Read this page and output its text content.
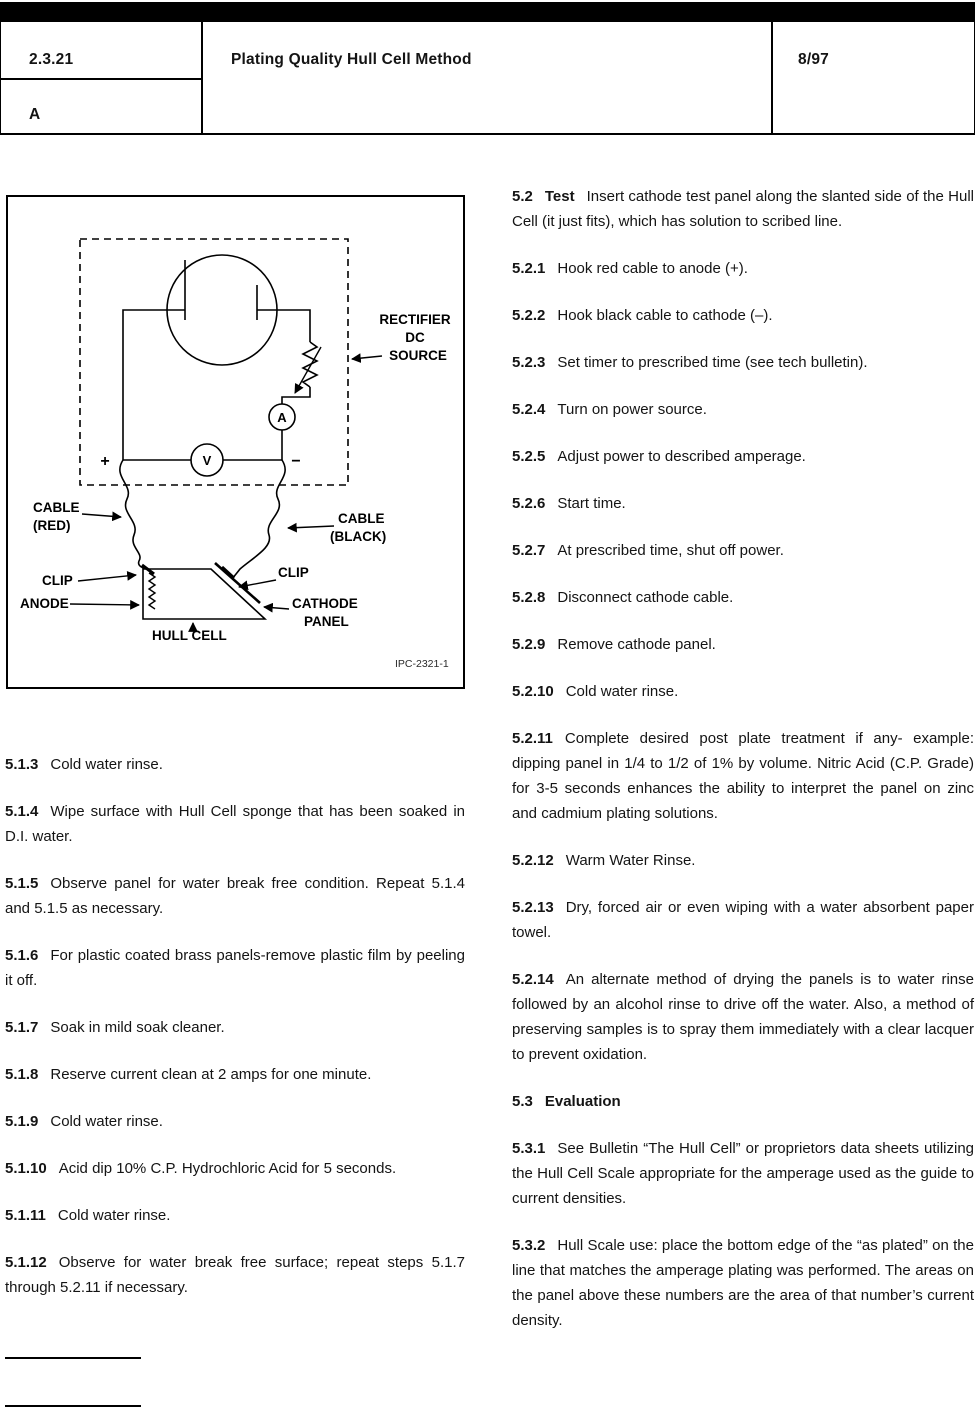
2.3.21
A
Plating Quality Hull Cell Method	8/97
A
V
+	−
RECTIFIER
DC
SOURCE
CABLE
(RED)	CABLE
(BLACK)
CLIP
ANODE
CLIP
CATHODE
PANEL
HULL CELL
IPC-2321-1

5.1.3 Cold water rinse.

5.1.4 Wipe surface with Hull Cell sponge that has been soaked in D.I. water.

5.1.5 Observe panel for water break free condition. Repeat 5.1.4 and 5.1.5 as necessary.

5.1.6 For plastic coated brass panels-remove plastic film by peeling it off.

5.1.7 Soak in mild soak cleaner.

5.1.8 Reserve current clean at 2 amps for one minute.

5.1.9 Cold water rinse.

5.1.10 Acid dip 10% C.P. Hydrochloric Acid for 5 seconds.

5.1.11 Cold water rinse.

5.1.12 Observe for water break free surface; repeat steps 5.1.7 through 5.2.11 if necessary.

5.2 Test Insert cathode test panel along the slanted side of the Hull Cell (it just fits), which has solution to scribed line.

5.2.1 Hook red cable to anode (+).

5.2.2 Hook black cable to cathode (–).

5.2.3 Set timer to prescribed time (see tech bulletin).

5.2.4 Turn on power source.

5.2.5 Adjust power to described amperage.

5.2.6 Start time.

5.2.7 At prescribed time, shut off power.

5.2.8 Disconnect cathode cable.

5.2.9 Remove cathode panel.

5.2.10 Cold water rinse.

5.2.11 Complete desired post plate treatment if any- example: dipping panel in 1/4 to 1/2 of 1% by volume. Nitric Acid (C.P. Grade) for 3-5 seconds enhances the ability to interpret the panel on zinc and cadmium plating solutions.

5.2.12 Warm Water Rinse.

5.2.13 Dry, forced air or even wiping with a water absorbent paper towel.

5.2.14 An alternate method of drying the panels is to water rinse followed by an alcohol rinse to drive off the water. Also, a method of preserving samples is to spray them immediately with a clear lacquer to prevent oxidation.

5.3 Evaluation

5.3.1 See Bulletin “The Hull Cell” or proprietors data sheets utilizing the Hull Cell Scale appropriate for the amperage used as the guide to current densities.

5.3.2 Hull Scale use: place the bottom edge of the “as plated” on the line that matches the amperage plating was performed. The areas on the panel above these numbers are the area of that number’s current density.
